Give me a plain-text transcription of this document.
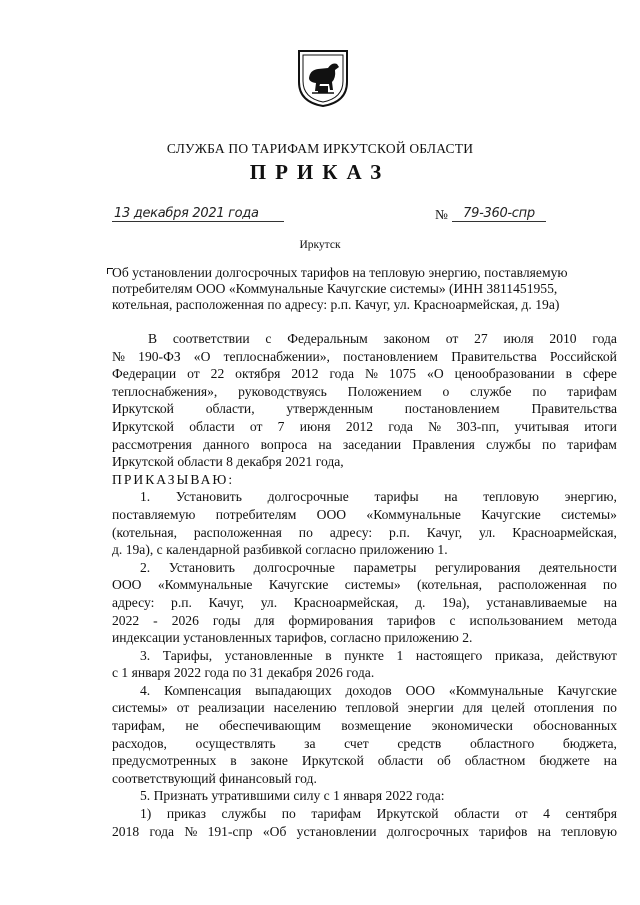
СЛУЖБА ПО ТАРИФАМ ИРКУТСКОЙ ОБЛАСТИ
ПРИКАЗ
13 декабря 2021 года	№	79-360-спр
Иркутск

Об установлении долгосрочных тарифов на тепловую энергию, поставляемую

потребителям ООО «Коммунальные Качугские системы» (ИНН 3811451955,

котельная, расположенная по адресу: р.п. Качуг, ул. Красноармейская, д. 19а)

В соответствии с Федеральным законом от 27 июля 2010 года
№ 190-ФЗ «О теплоснабжении», постановлением Правительства Российской
Федерации от 22 октября 2012 года № 1075 «О ценообразовании в сфере
теплоснабжения», руководствуясь Положением о службе по тарифам
Иркутской области, утвержденным постановлением Правительства
Иркутской области от 7 июня 2012 года № 303-пп, учитывая итоги
рассмотрения данного вопроса на заседании Правления службы по тарифам
Иркутской области 8 декабря 2021 года,
ПРИКАЗЫВАЮ:
1. Установить долгосрочные тарифы на тепловую энергию,
поставляемую потребителям ООО «Коммунальные Качугские системы»
(котельная, расположенная по адресу: р.п. Качуг, ул. Красноармейская,
д. 19а), с календарной разбивкой согласно приложению 1.
2. Установить долгосрочные параметры регулирования деятельности
ООО «Коммунальные Качугские системы» (котельная, расположенная по
адресу: р.п. Качуг, ул. Красноармейская, д. 19а), устанавливаемые на
2022 - 2026 годы для формирования тарифов с использованием метода
индексации установленных тарифов, согласно приложению 2.
3. Тарифы, установленные в пункте 1 настоящего приказа, действуют
с 1 января 2022 года по 31 декабря 2026 года.
4. Компенсация выпадающих доходов ООО «Коммунальные Качугские
системы» от реализации населению тепловой энергии для целей отопления по
тарифам, не обеспечивающим возмещение экономически обоснованных
расходов, осуществлять за счет средств областного бюджета,
предусмотренных в законе Иркутской области об областном бюджете на
соответствующий финансовый год.
5. Признать утратившими силу с 1 января 2022 года:
1) приказ службы по тарифам Иркутской области от 4 сентября
2018 года № 191-спр «Об установлении долгосрочных тарифов на тепловую
